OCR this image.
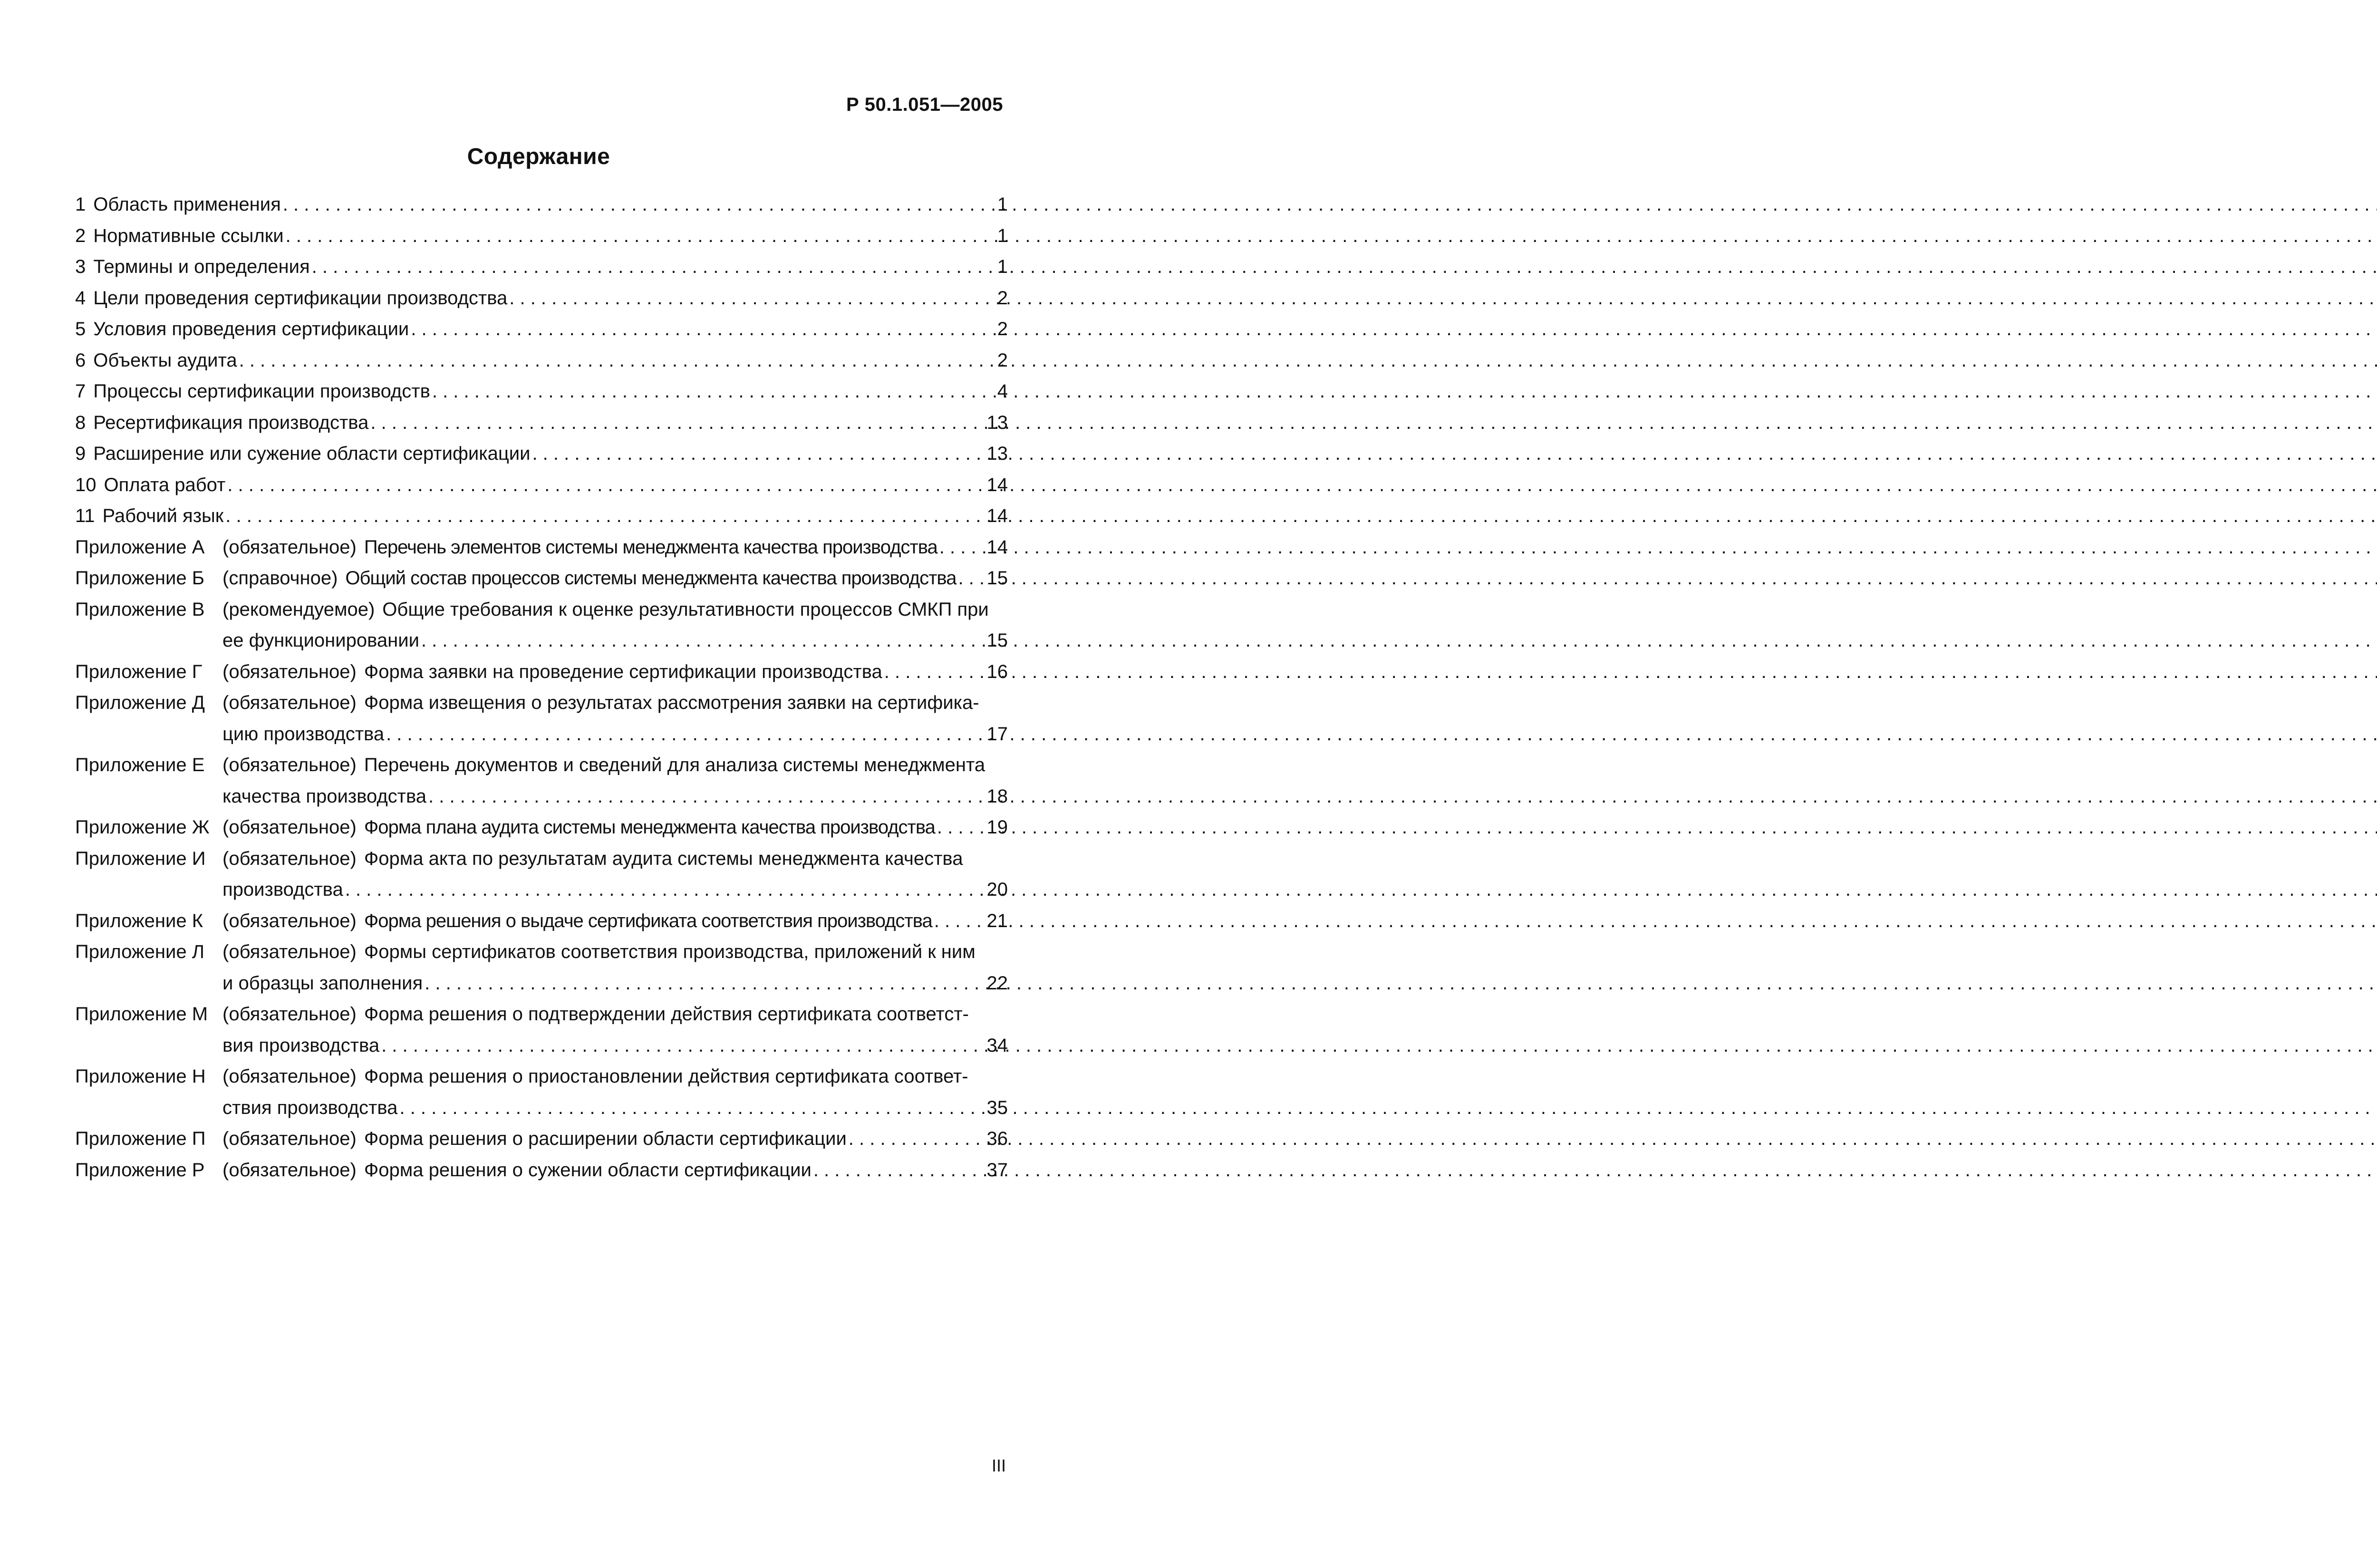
Р 50.1.051—2005
Содержание
1 Область применения . . .	1
2 Нормативные ссылки . . .	1
3 Термины и определения . . .	1
4 Цели проведения сертификации производства . . .	2
5 Условия проведения сертификации . . .	2
6 Объекты аудита . . .	2
7 Процессы сертификации производств . . .	4
8 Ресертификация производства . . .	13
9 Расширение или сужение области сертификации . . .	13
10 Оплата работ . . .	14
11 Рабочий язык . . .	14
Приложение А (обязательное) Перечень элементов системы менеджмента качества производства . . .	14
Приложение Б (справочное) Общий состав процессов системы менеджмента качества производства . . . 15
Приложение В (рекомендуемое) Общие требования к оценке результативности процессов СМКП при
ее функционировании . . .	15
Приложение Г	(обязательное) Форма заявки на проведение сертификации производства . . .	16
Приложение Д (обязательное) Форма извещения о результатах рассмотрения заявки на сертифика-
цию производства . . .	17
Приложение Е (обязательное) Перечень документов и сведений для анализа системы менеджмента
качества производства . . .	18
Приложение Ж (обязательное) Форма плана аудита системы менеджмента качества производства . . .	19
Приложение И (обязательное) Форма акта по результатам аудита системы менеджмента качества
производства . . .	20
Приложение К	(обязательное) Форма решения о выдаче сертификата соответствия производства . . .	21
Приложение Л (обязательное) Формы сертификатов соответствия производства, приложений к ним
и образцы заполнения . . .	22
Приложение М (обязательное) Форма решения о подтверждении действия сертификата соответст-
вия производства . . .	34
Приложение Н (обязательное) Форма решения о приостановлении действия сертификата соответ-
ствия производства . . .	35
Приложение П (обязательное) Форма решения о расширении области сертификации . . .	36
Приложение Р (обязательное) Форма решения о сужении области сертификации . . .	37
III
